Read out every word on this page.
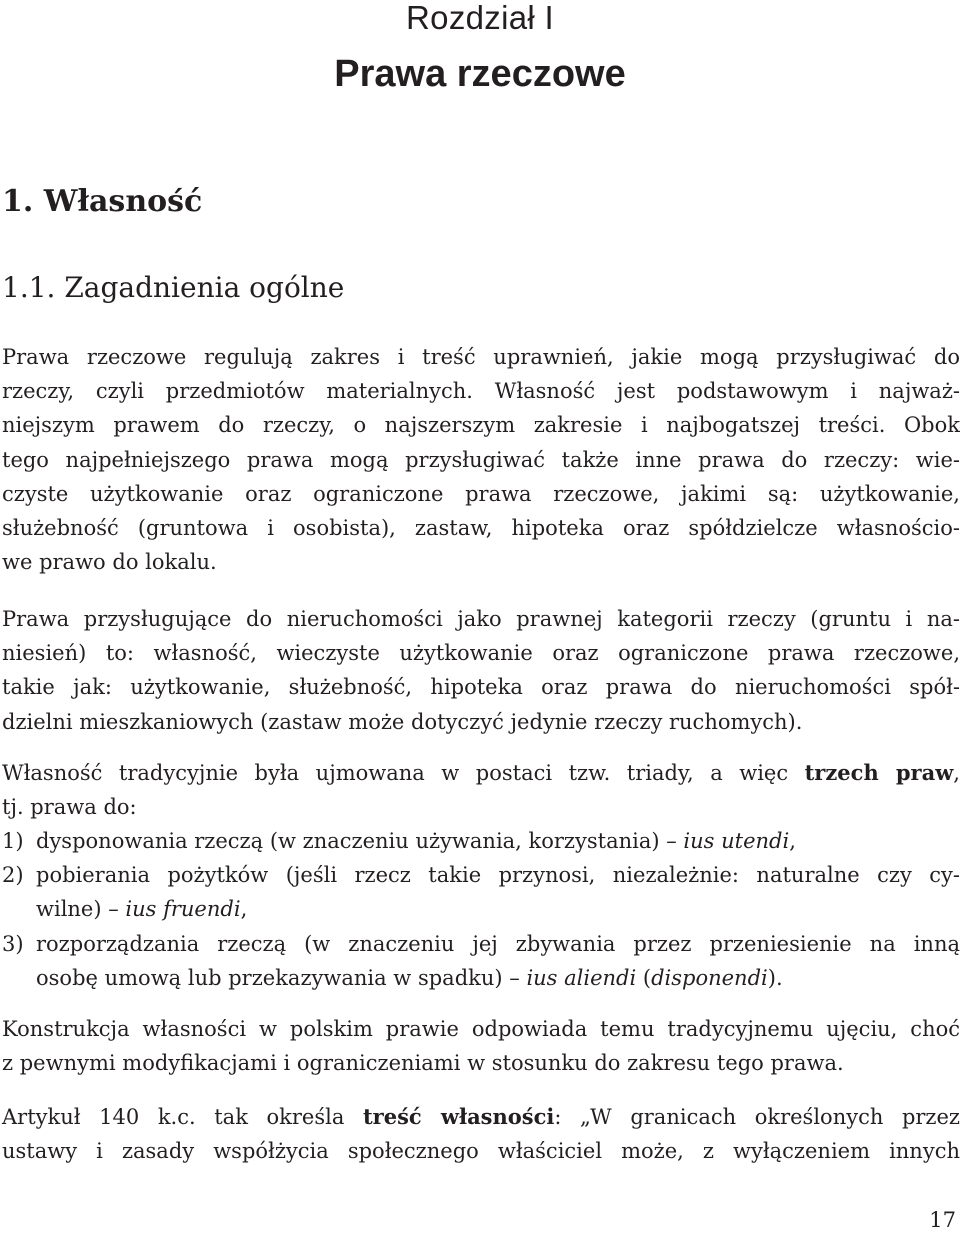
Rozdział I
Prawa rzeczowe
1. Własność
1.1. Zagadnienia ogólne
Prawa rzeczowe regulują zakres i treść uprawnień, jakie mogą przysługiwać do
rzeczy, czyli przedmiotów materialnych. Własność jest podstawowym i najważ-
niejszym prawem do rzeczy, o najszerszym zakresie i najbogatszej treści. Obok
tego najpełniejszego prawa mogą przysługiwać także inne prawa do rzeczy: wie-
czyste użytkowanie oraz ograniczone prawa rzeczowe, jakimi są: użytkowanie,
służebność (gruntowa i osobista), zastaw, hipoteka oraz spółdzielcze własnościo-
we prawo do lokalu.
Prawa przysługujące do nieruchomości jako prawnej kategorii rzeczy (gruntu i na-
niesień) to: własność, wieczyste użytkowanie oraz ograniczone prawa rzeczowe,
takie jak: użytkowanie, służebność, hipoteka oraz prawa do nieruchomości spół-
dzielni mieszkaniowych (zastaw może dotyczyć jedynie rzeczy ruchomych).
Własność tradycyjnie była ujmowana w postaci tzw. triady, a więc trzech praw,
tj. prawa do:
1) dysponowania rzeczą (w znaczeniu używania, korzystania) – ius utendi,
2) pobierania pożytków (jeśli rzecz takie przynosi, niezależnie: naturalne czy cy-
wilne) – ius fruendi,
3) rozporządzania rzeczą (w znaczeniu jej zbywania przez przeniesienie na inną
osobę umową lub przekazywania w spadku) – ius aliendi (disponendi).
Konstrukcja własności w polskim prawie odpowiada temu tradycyjnemu ujęciu, choć
z pewnymi modyfikacjami i ograniczeniami w stosunku do zakresu tego prawa.
Artykuł 140 k.c. tak określa treść własności: „W granicach określonych przez
ustawy i zasady współżycia społecznego właściciel może, z wyłączeniem innych
17
